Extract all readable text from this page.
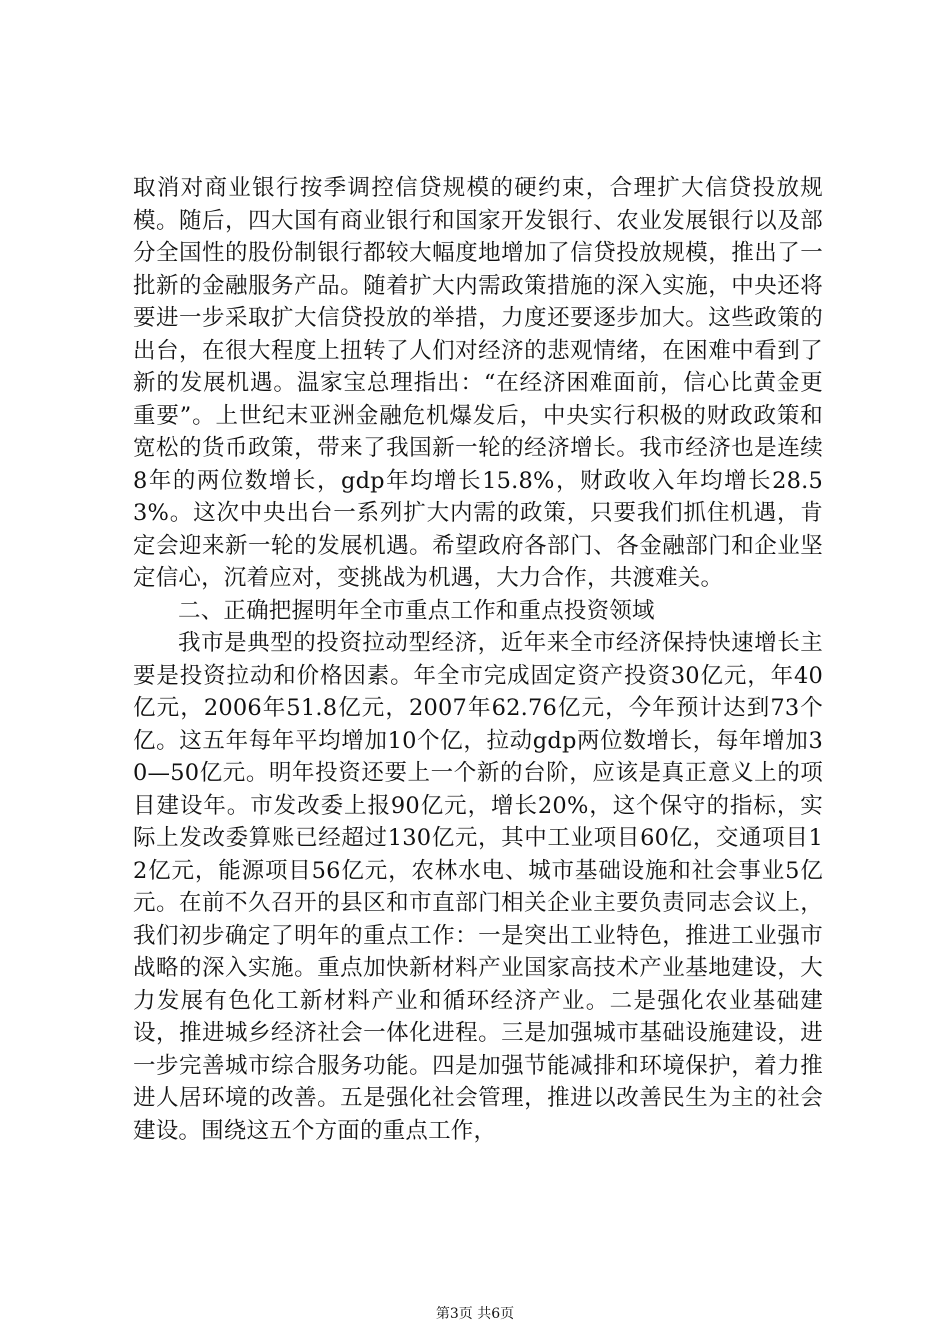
取消对商业银行按季调控信贷规模的硬约束，合理扩大信贷投放规模。随后，四大国有商业银行和国家开发银行、农业发展银行以及部分全国性的股份制银行都较大幅度地增加了信贷投放规模，推出了一批新的金融服务产品。随着扩大内需政策措施的深入实施，中央还将要进一步采取扩大信贷投放的举措，力度还要逐步加大。这些政策的出台，在很大程度上扭转了人们对经济的悲观情绪，在困难中看到了新的发展机遇。温家宝总理指出：“在经济困难面前，信心比黄金更重要”。上世纪末亚洲金融危机爆发后，中央实行积极的财政政策和宽松的货币政策，带来了我国新一轮的经济增长。我市经济也是连续8年的两位数增长，gdp年均增长15.8%，财政收入年均增长28.53%。这次中央出台一系列扩大内需的政策，只要我们抓住机遇，肯定会迎来新一轮的发展机遇。希望政府各部门、各金融部门和企业坚定信心，沉着应对，变挑战为机遇，大力合作，共渡难关。

二、正确把握明年全市重点工作和重点投资领域

我市是典型的投资拉动型经济，近年来全市经济保持快速增长主要是投资拉动和价格因素。年全市完成固定资产投资30亿元，年40亿元，2006年51.8亿元，2007年62.76亿元，今年预计达到73个亿。这五年每年平均增加10个亿，拉动gdp两位数增长，每年增加30—50亿元。明年投资还要上一个新的台阶，应该是真正意义上的项目建设年。市发改委上报90亿元，增长20%，这个保守的指标，实际上发改委算账已经超过130亿元，其中工业项目60亿，交通项目12亿元，能源项目56亿元，农林水电、城市基础设施和社会事业5亿元。在前不久召开的县区和市直部门相关企业主要负责同志会议上，我们初步确定了明年的重点工作：一是突出工业特色，推进工业强市战略的深入实施。重点加快新材料产业国家高技术产业基地建设，大力发展有色化工新材料产业和循环经济产业。二是强化农业基础建设，推进城乡经济社会一体化进程。三是加强城市基础设施建设，进一步完善城市综合服务功能。四是加强节能减排和环境保护，着力推进人居环境的改善。五是强化社会管理，推进以改善民生为主的社会建设。围绕这五个方面的重点工作，

第3页 共6页
